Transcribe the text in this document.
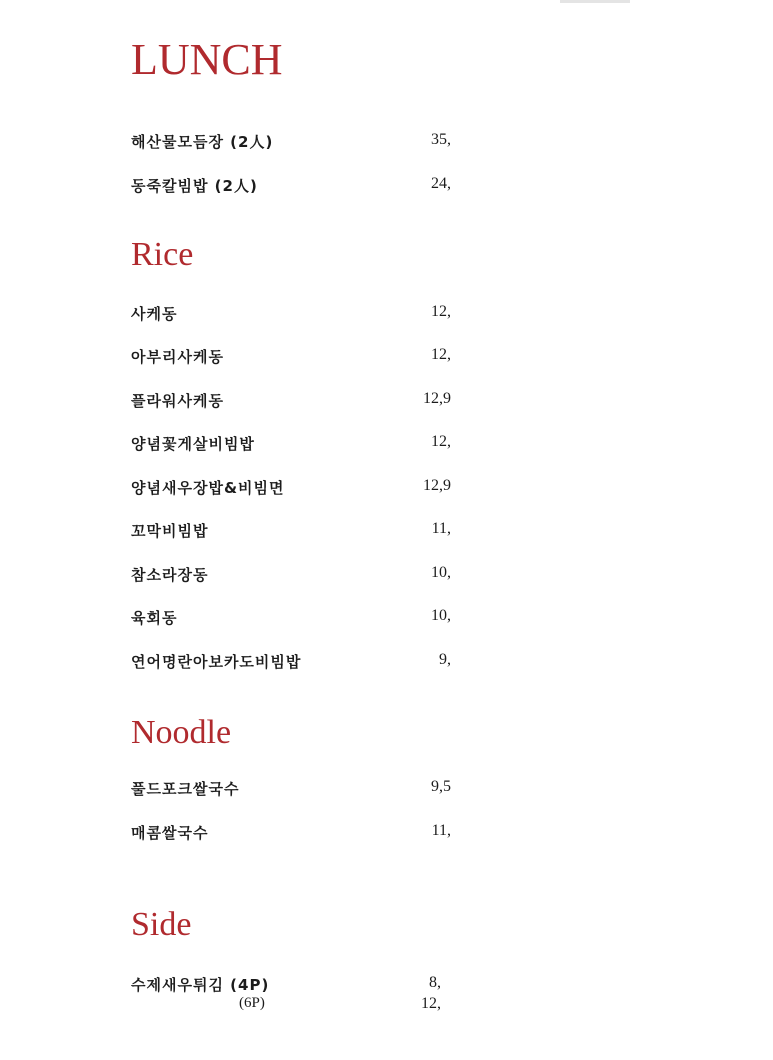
LUNCH
해산물모듬장 (2人)	35,
동죽칼빔밥 (2人)	24,
Rice
사케동	12,
아부리사케동	12,
플라워사케동	12,9
양념꽃게살비빔밥	12,
양념새우장밥&비빔면	12,9
꼬막비빔밥	11,
참소라장동	10,
육회동	10,
연어명란아보카도비빔밥	9,
Noodle
풀드포크쌀국수	9,5
매콤쌀국수	11,
Side
수제새우튀김 (4P)	8,
(6P)	12,
